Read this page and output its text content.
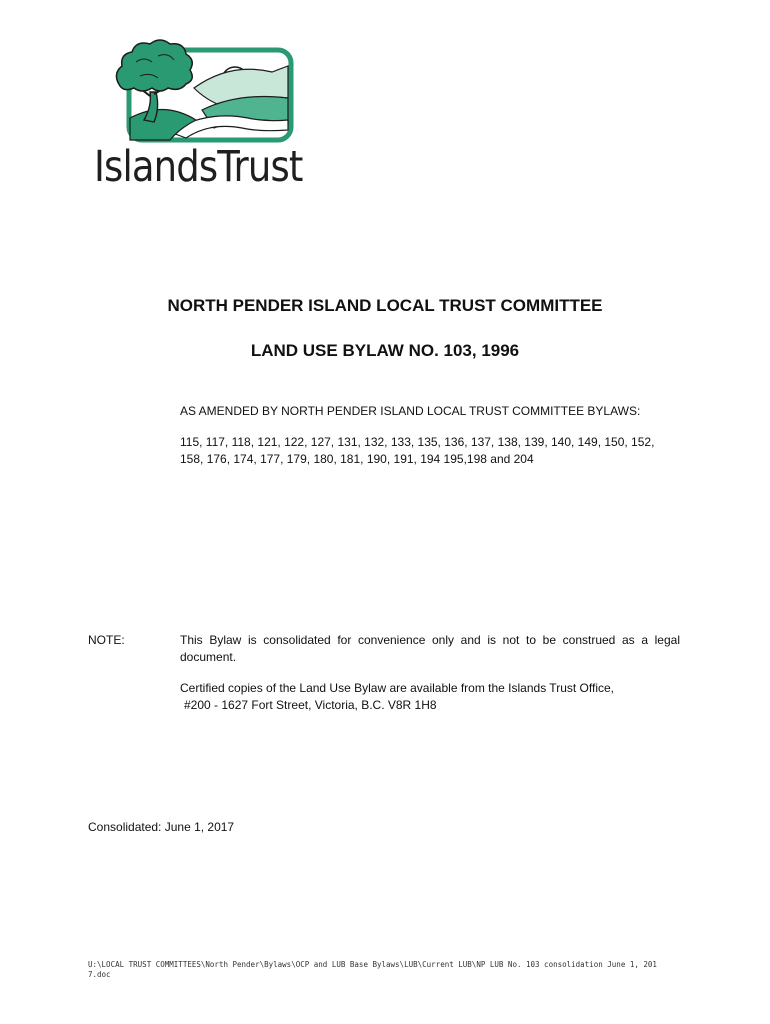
IslandsTrust
NORTH PENDER ISLAND LOCAL TRUST COMMITTEE
LAND USE BYLAW NO. 103, 1996
AS AMENDED BY NORTH PENDER ISLAND LOCAL TRUST COMMITTEE BYLAWS:
115, 117, 118, 121, 122, 127, 131, 132, 133, 135, 136, 137, 138, 139, 140, 149, 150, 152,
158, 176, 174, 177, 179, 180, 181, 190, 191, 194 195,198 and 204
NOTE:	This Bylaw is consolidated for convenience only and is not to be construed as a legal document.
Certified copies of the Land Use Bylaw are available from the Islands Trust Office,
#200 - 1627 Fort Street, Victoria, B.C. V8R 1H8
Consolidated: June 1, 2017
U:\LOCAL TRUST COMMITTEES\North Pender\Bylaws\OCP and LUB Base Bylaws\LUB\Current LUB\NP LUB No. 103 consolidation June 1, 2017.doc
